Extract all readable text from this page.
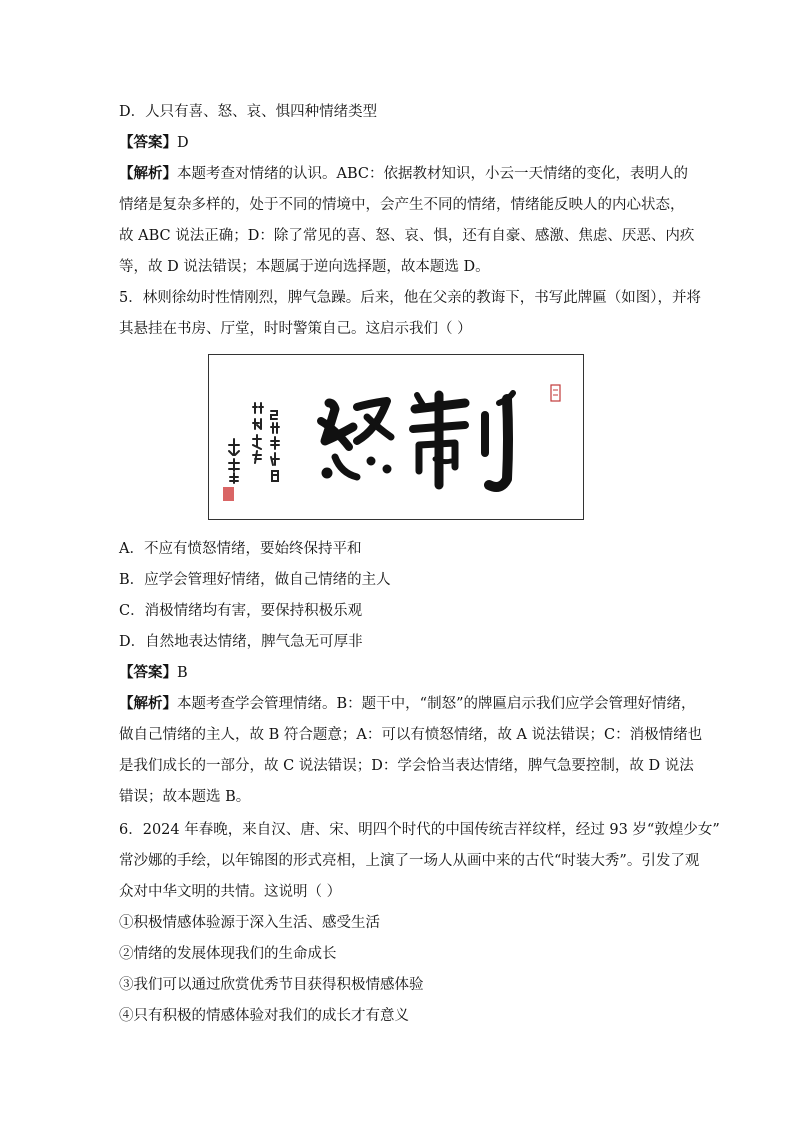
D．人只有喜、怒、哀、惧四种情绪类型
【答案】D
【解析】本题考查对情绪的认识。ABC：依据教材知识，小云一天情绪的变化，表明人的
情绪是复杂多样的，处于不同的情境中，会产生不同的情绪，情绪能反映人的内心状态，
故 ABC 说法正确；D：除了常见的喜、怒、哀、惧，还有自豪、感激、焦虑、厌恶、内疚
等，故 D 说法错误；本题属于逆向选择题，故本题选 D。
5．林则徐幼时性情刚烈，脾气急躁。后来，他在父亲的教诲下，书写此牌匾（如图），并将
其悬挂在书房、厅堂，时时警策自己。这启示我们（ ）
A．不应有愤怒情绪，要始终保持平和
B．应学会管理好情绪，做自己情绪的主人
C．消极情绪均有害，要保持积极乐观
D．自然地表达情绪，脾气急无可厚非
【答案】B
【解析】本题考查学会管理情绪。B：题干中，“制怒”的牌匾启示我们应学会管理好情绪，
做自己情绪的主人，故 B 符合题意；A：可以有愤怒情绪，故 A 说法错误；C：消极情绪也
是我们成长的一部分，故 C 说法错误；D：学会恰当表达情绪，脾气急要控制，故 D 说法
错误；故本题选 B。
6．2024 年春晚，来自汉、唐、宋、明四个时代的中国传统吉祥纹样，经过 93 岁“敦煌少女”
常沙娜的手绘，以年锦图的形式亮相，上演了一场人从画中来的古代“时装大秀”。引发了观
众对中华文明的共情。这说明（ ）
①积极情感体验源于深入生活、感受生活
②情绪的发展体现我们的生命成长
③我们可以通过欣赏优秀节目获得积极情感体验
④只有积极的情感体验对我们的成长才有意义
